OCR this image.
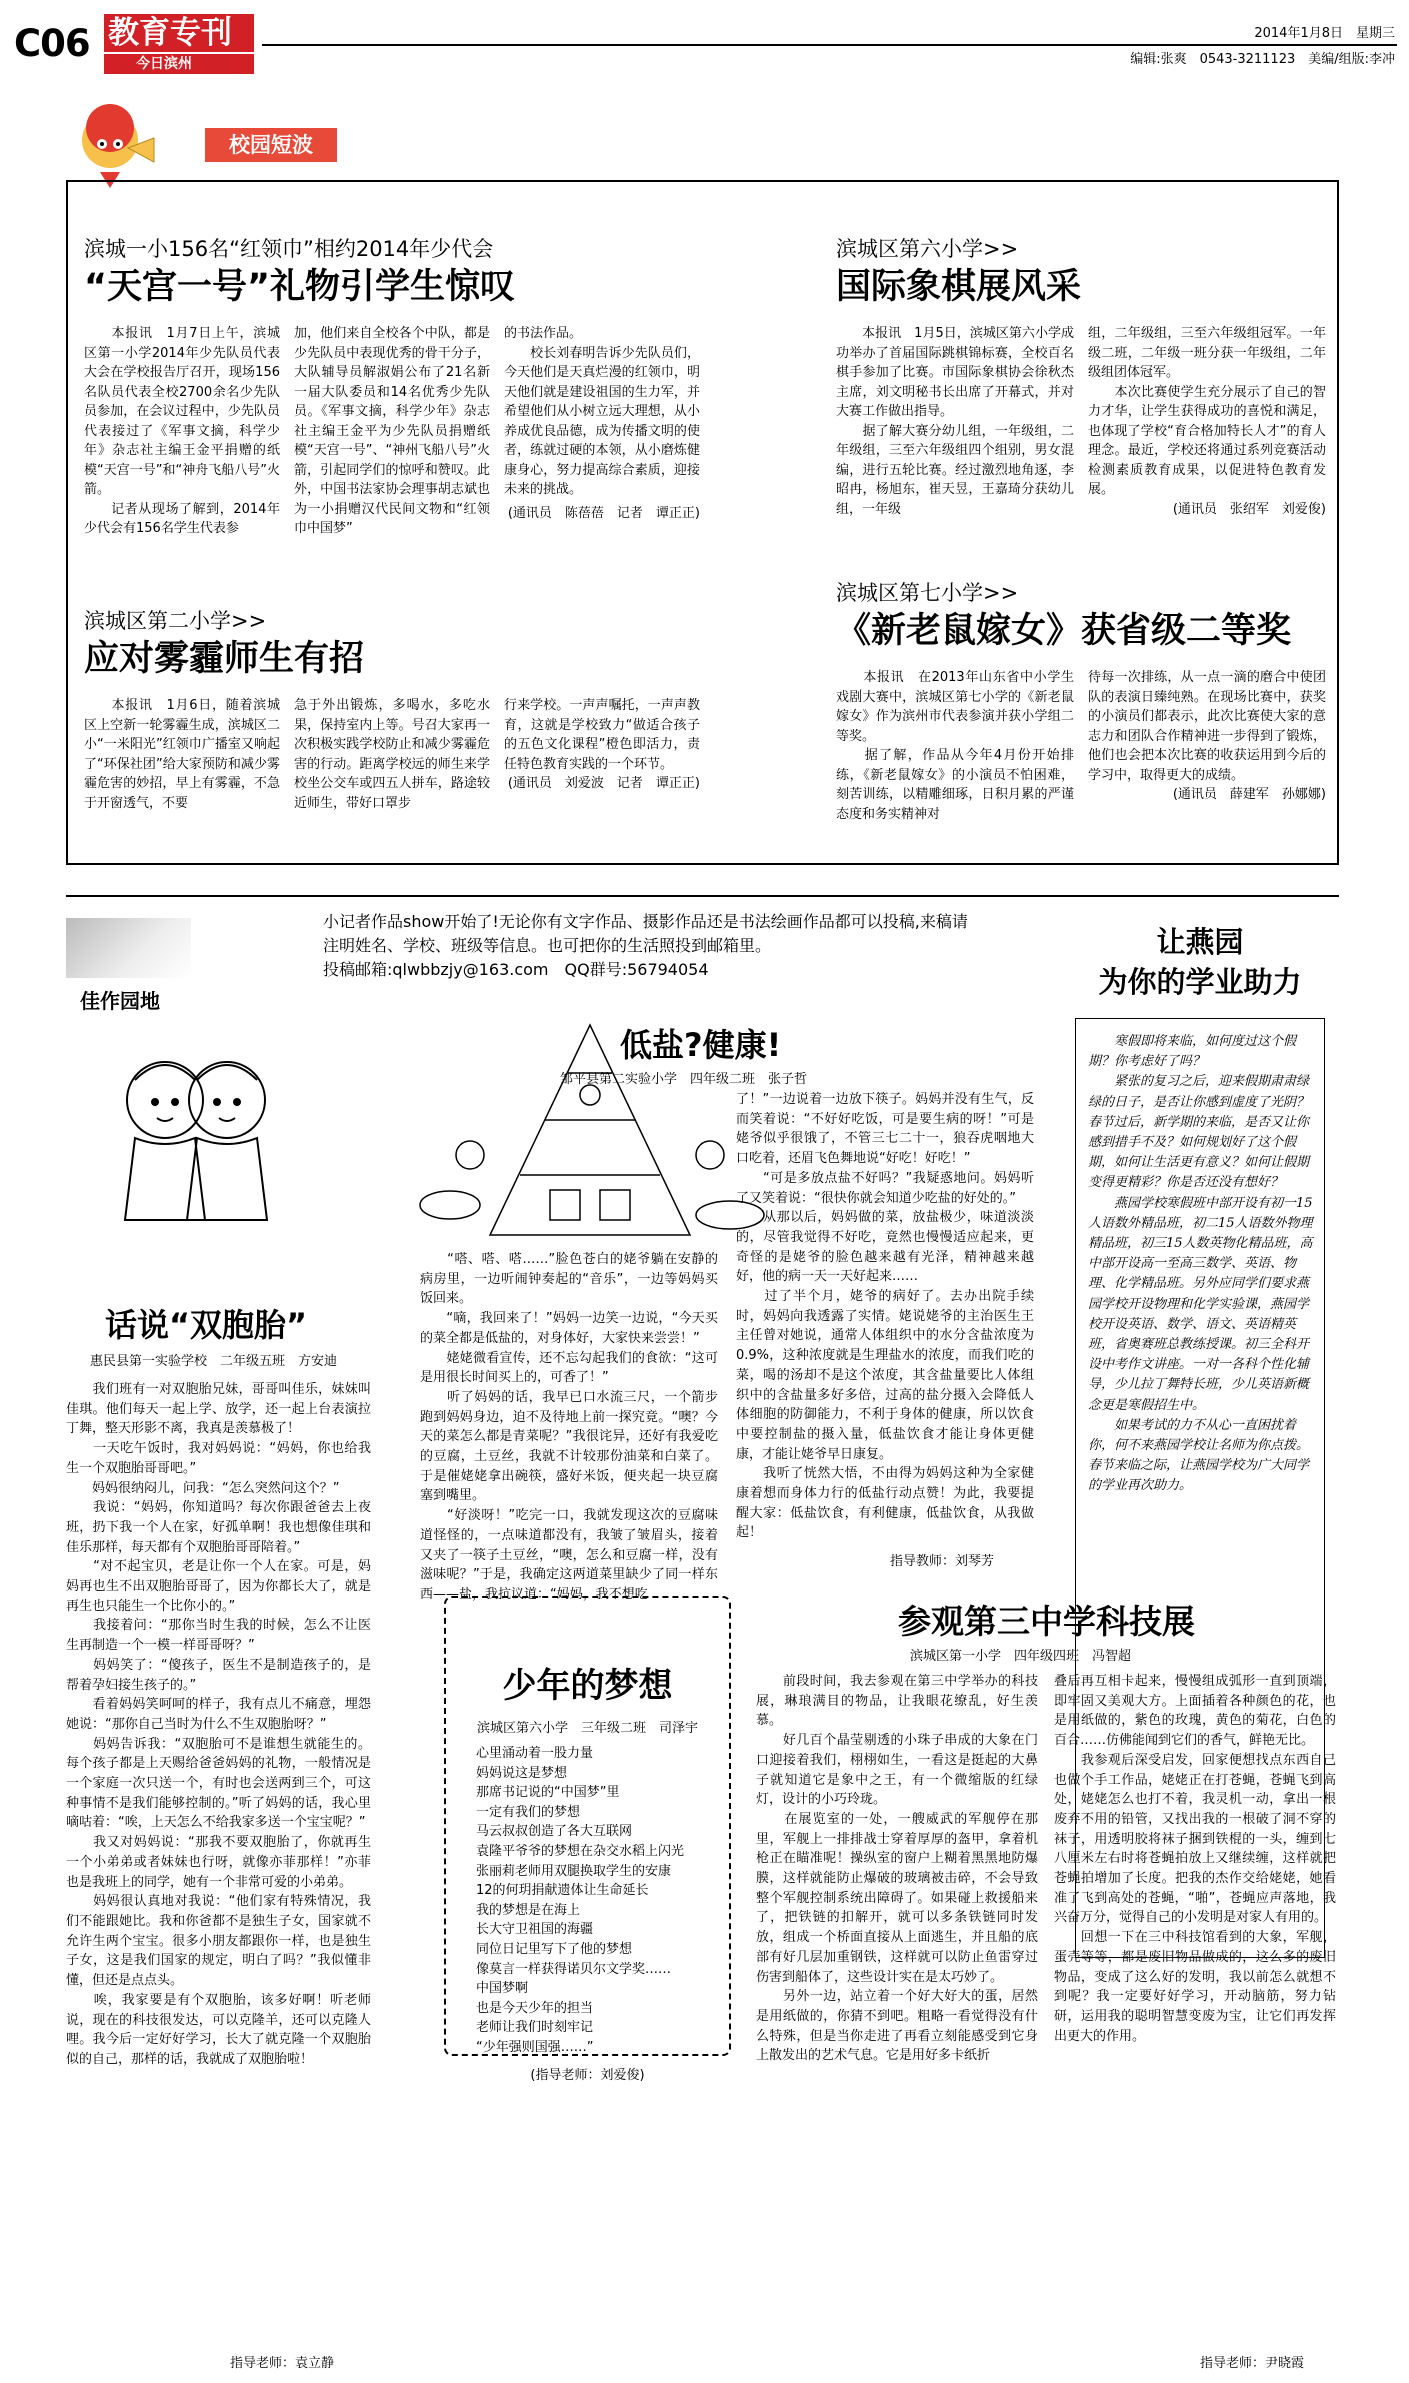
C06 教育专刊
今日滨州
2014年1月8日　星期三
编辑:张爽　0543-3211123　美编/组版:李冲
校园短波
滨城一小156名“红领巾”相约2014年少代会
“天宫一号”礼物引学生惊叹
　　本报讯　1月7日上午，滨城区第一小学2014年少先队员代表大会在学校报告厅召开，现场156名队员代表全校2700余名少先队员参加，在会议过程中，少先队员代表接过了《军事文摘，科学少年》杂志社主编王金平捐赠的纸模“天宫一号”和“神舟飞船八号”火箭。
　　记者从现场了解到，2014年少代会有156名学生代表参
加，他们来自全校各个中队，都是少先队员中表现优秀的骨干分子，大队辅导员解淑娟公布了21名新一届大队委员和14名优秀少先队员。《军事文摘，科学少年》杂志社主编王金平为少先队员捐赠纸模“天宫一号”、“神州飞船八号”火箭，引起同学们的惊呼和赞叹。此外，中国书法家协会理事胡志斌也为一小捐赠汉代民间文物和“红领巾中国梦”
的书法作品。
　　校长刘春明告诉少先队员们，今天他们是天真烂漫的红领巾，明天他们就是建设祖国的生力军，并希望他们从小树立远大理想，从小养成优良品德，成为传播文明的使者，练就过硬的本领，从小磨炼健康身心，努力提高综合素质，迎接未来的挑战。
(通讯员　陈蓓蓓　记者　谭正正)
滨城区第二小学>>
应对雾霾师生有招
　　本报讯　1月6日，随着滨城区上空新一轮雾霾生成，滨城区二小“一米阳光”红领巾广播室又响起了“环保社团”给大家预防和减少雾霾危害的妙招，早上有雾霾，不急于开窗透气，不要
急于外出锻炼，多喝水，多吃水果，保持室内上等。号召大家再一次积极实践学校防止和减少雾霾危害的行动。距离学校远的师生来学校坐公交车或四五人拼车，路途较近师生，带好口罩步
行来学校。一声声嘱托，一声声教育，这就是学校致力“做适合孩子的五色文化课程”橙色即活力，责任特色教育实践的一个环节。
(通讯员　刘爱波　记者　谭正正)
滨城区第六小学>>
国际象棋展风采
　　本报讯　1月5日，滨城区第六小学成功举办了首届国际跳棋锦标赛，全校百名棋手参加了比赛。市国际象棋协会徐秋杰主席，刘文明秘书长出席了开幕式，并对大赛工作做出指导。
　　据了解大赛分幼儿组，一年级组，二年级组，三至六年级组四个组别，男女混编，进行五轮比赛。经过激烈地角逐，李昭冉，杨旭东，崔天昱，王嘉琦分获幼儿组，一年级
组，二年级组，三至六年级组冠军。一年级二班，二年级一班分获一年级组，二年级组团体冠军。
　　本次比赛使学生充分展示了自己的智力才华，让学生获得成功的喜悦和满足，也体现了学校“育合格加特长人才”的育人理念。最近，学校还将通过系列竞赛活动检测素质教育成果，以促进特色教育发展。
(通讯员　张绍军　刘爱俊)
滨城区第七小学>>
《新老鼠嫁女》获省级二等奖
　　本报讯　在2013年山东省中小学生戏剧大赛中，滨城区第七小学的《新老鼠嫁女》作为滨州市代表参演并获小学组二等奖。
　　据了解，作品从今年4月份开始排练，《新老鼠嫁女》的小演员不怕困难，刻苦训练，以精雕细琢，日积月累的严谨态度和务实精神对
待每一次排练，从一点一滴的磨合中使团队的表演日臻纯熟。在现场比赛中，获奖的小演员们都表示，此次比赛使大家的意志力和团队合作精神进一步得到了锻炼，他们也会把本次比赛的收获运用到今后的学习中，取得更大的成绩。
(通讯员　薛建军　孙娜娜)
佳作园地
小记者作品show开始了!无论你有文字作品、摄影作品还是书法绘画作品都可以投稿,来稿请注明姓名、学校、班级等信息。也可把你的生活照投到邮箱里。
投稿邮箱:qlwbbzjy@163.com　QQ群号:56794054
让燕园
为你的学业助力
　　寒假即将来临，如何度过这个假期？你考虑好了吗？
　　紧张的复习之后，迎来假期肃肃绿绿的日子，是否让你感到虚度了光阴？春节过后，新学期的来临，是否又让你感到措手不及？如何规划好了这个假期，如何让生活更有意义？如何让假期变得更精彩？你是否还没有想好？
　　燕园学校寒假班中部开设有初一15人语数外精品班，初二15人语数外物理精品班，初三15人数英物化精品班，高中部开设高一至高三数学、英语、物理、化学精品班。另外应同学们要求燕园学校开设物理和化学实验课，燕园学校开设英语、数学、语文、英语精英班，省奥赛班总教练授课。初三全科开设中考作文讲座。一对一各科个性化辅导，少儿拉丁舞特长班，少儿英语新概念更是寒假招生中。
　　如果考试的力不从心一直困扰着你，何不来燕园学校让名师为你点拨。春节来临之际，让燕园学校为广大同学的学业再次助力。
话说“双胞胎”
惠民县第一实验学校　二年级五班　方安迪
　　我们班有一对双胞胎兄妹，哥哥叫佳乐，妹妹叫佳琪。他们每天一起上学、放学，还一起上台表演拉丁舞，整天形影不离，我真是羡慕极了！
　　一天吃午饭时，我对妈妈说：“妈妈，你也给我生一个双胞胎哥哥吧。”
　　妈妈很纳闷儿，问我：“怎么突然问这个？”
　　我说：“妈妈，你知道吗？每次你跟爸爸去上夜班，扔下我一个人在家，好孤单啊！我也想像佳琪和佳乐那样，每天都有个双胞胎哥哥陪着。”
　　“对不起宝贝，老是让你一个人在家。可是，妈妈再也生不出双胞胎哥哥了，因为你都长大了，就是再生也只能生一个比你小的。”
　　我接着问：“那你当时生我的时候，怎么不让医生再制造一个一模一样哥哥呀？”
　　妈妈笑了：“傻孩子，医生不是制造孩子的，是帮着孕妇接生孩子的。”
　　看着妈妈笑呵呵的样子，我有点儿不痛意，埋怨她说：“那你自己当时为什么不生双胞胎呀？”
　　妈妈告诉我：“双胞胎可不是谁想生就能生的。每个孩子都是上天赐给爸爸妈妈的礼物，一般情况是一个家庭一次只送一个，有时也会送两到三个，可这种事情不是我们能够控制的。”听了妈妈的话，我心里嘀咕着：“唉，上天怎么不给我家多送一个宝宝呢？”
　　我又对妈妈说：“那我不要双胞胎了，你就再生一个小弟弟或者妹妹也行呀，就像亦菲那样！”亦菲也是我班上的同学，她有一个非常可爱的小弟弟。
　　妈妈很认真地对我说：“他们家有特殊情况，我们不能跟她比。我和你爸都不是独生子女，国家就不允许生两个宝宝。很多小朋友都跟你一样，也是独生子女，这是我们国家的规定，明白了吗？”我似懂非懂，但还是点点头。
　　唉，我家要是有个双胞胎，该多好啊！听老师说，现在的科技很发达，可以克隆羊，还可以克隆人哩。我今后一定好好学习，长大了就克隆一个双胞胎似的自己，那样的话，我就成了双胞胎啦！
指导老师：袁立静
低盐?健康!
邹平县第二实验小学　四年级二班　张子哲
　　“嗒、嗒、嗒……”脸色苍白的姥爷躺在安静的病房里，一边听闹钟奏起的“音乐”，一边等妈妈买饭回来。
　　“嘀，我回来了！”妈妈一边笑一边说，“今天买的菜全都是低盐的，对身体好，大家快来尝尝！”
　　姥姥微看宣传，还不忘勾起我们的食欲：“这可是用很长时间买上的，可香了！”
　　听了妈妈的话，我早已口水流三尺，一个箭步跑到妈妈身边，迫不及待地上前一探究竟。“噢？今天的菜怎么都是青菜呢？”我很诧异，还好有我爱吃的豆腐，土豆丝，我就不计较那份油菜和白菜了。于是催姥姥拿出碗筷，盛好米饭，便夹起一块豆腐塞到嘴里。
　　“好淡呀！”吃完一口，我就发现这次的豆腐味道怪怪的，一点味道都没有，我皱了皱眉头，接着又夹了一筷子土豆丝，“噢，怎么和豆腐一样，没有滋味呢？”于是，我确定这两道菜里缺少了同一样东西——盐，我抗议道：“妈妈，我不想吃
了！”一边说着一边放下筷子。妈妈并没有生气，反而笑着说：“不好好吃饭，可是要生病的呀！”可是姥爷似乎很饿了，不管三七二十一，狼吞虎咽地大口吃着，还眉飞色舞地说“好吃！好吃！”
　　“可是多放点盐不好吗？”我疑惑地问。妈妈听了又笑着说：“很快你就会知道少吃盐的好处的。”
　　从那以后，妈妈做的菜，放盐极少，味道淡淡的，尽管我觉得不好吃，竟然也慢慢适应起来，更奇怪的是姥爷的脸色越来越有光泽，精神越来越好，他的病一天一天好起来……
　　过了半个月，姥爷的病好了。去办出院手续时，妈妈向我透露了实情。姥说姥爷的主治医生王主任曾对她说，通常人体组织中的水分含盐浓度为0.9%，这种浓度就是生理盐水的浓度，而我们吃的菜，喝的汤却不是这个浓度，其含盐量要比人体组织中的含盐量多好多倍，过高的盐分摄入会降低人体细胞的防御能力，不利于身体的健康，所以饮食中要控制盐的摄入量，低盐饮食才能让身体更健康，才能让姥爷早日康复。
　　我听了恍然大悟，不由得为妈妈这种为全家健康着想而身体力行的低盐行动点赞！为此，我要提醒大家：低盐饮食，有利健康，低盐饮食，从我做起！
指导教师：刘琴芳
少年的梦想
滨城区第六小学　三年级二班　司泽宇
心里涌动着一股力量
妈妈说这是梦想
那席书记说的“中国梦”里
一定有我们的梦想
马云叔叔创造了各大互联网
袁隆平爷爷的梦想在杂交水稻上闪光
张丽莉老师用双腿换取学生的安康
12的何玥捐献遗体让生命延长
我的梦想是在海上
长大守卫祖国的海疆
同位日记里写下了他的梦想
像莫言一样获得诺贝尔文学奖……
中国梦啊
也是今天少年的担当
老师让我们时刻牢记
“少年强则国强……”
(指导老师：刘爱俊)
参观第三中学科技展
滨城区第一小学　四年级四班　冯智超
　　前段时间，我去参观在第三中学举办的科技展，琳琅满目的物品，让我眼花缭乱，好生羡慕。
　　好几百个晶莹剔透的小珠子串成的大象在门口迎接着我们，栩栩如生，一看这是挺起的大鼻子就知道它是象中之王，有一个微缩版的红绿灯，设计的小巧玲珑。
　　在展览室的一处，一艘威武的军舰停在那里，军舰上一排排战士穿着厚厚的盔甲，拿着机枪正在瞄准呢！操纵室的窗户上糊着黑黑地防爆膜，这样就能防止爆破的玻璃被击碎，不会导致整个军舰控制系统出障碍了。如果碰上救援船来了，把铁链的扣解开，就可以多条铁链同时发放，组成一个桥面直接从上面逃生，并且船的底部有好几层加重钢铁，这样就可以防止鱼雷穿过伤害到船体了，这些设计实在是太巧妙了。
　　另外一边，站立着一个好大好大的蛋，居然是用纸做的，你猜不到吧。粗略一看觉得没有什么特殊，但是当你走进了再看立刻能感受到它身上散发出的艺术气息。它是用好多卡纸折
叠后再互相卡起来，慢慢组成弧形一直到顶端，即牢固又美观大方。上面插着各种颜色的花，也是用纸做的，紫色的玫瑰，黄色的菊花，白色的百合……仿佛能闻到它们的香气，鲜艳无比。
　　我参观后深受启发，回家便想找点东西自己也做个手工作品，姥姥正在打苍蝇，苍蝇飞到高处，姥姥怎么也打不着，我灵机一动，拿出一根废弃不用的铅管，又找出我的一根破了洞不穿的袜子，用透明胶将袜子捆到铁棍的一头，缠到七八厘米左右时将苍蝇拍放上又继续缠，这样就把苍蝇拍增加了长度。把我的杰作交给姥姥，她看准了飞到高处的苍蝇，“啪”，苍蝇应声落地，我兴奋万分，觉得自己的小发明是对家人有用的。
　　回想一下在三中科技馆看到的大象，军舰，蛋壳等等，都是废旧物品做成的，这么多的废旧物品，变成了这么好的发明，我以前怎么就想不到呢？我一定要好好学习，开动脑筋，努力钻研，运用我的聪明智慧变废为宝，让它们再发挥出更大的作用。
指导老师：尹晓霞
